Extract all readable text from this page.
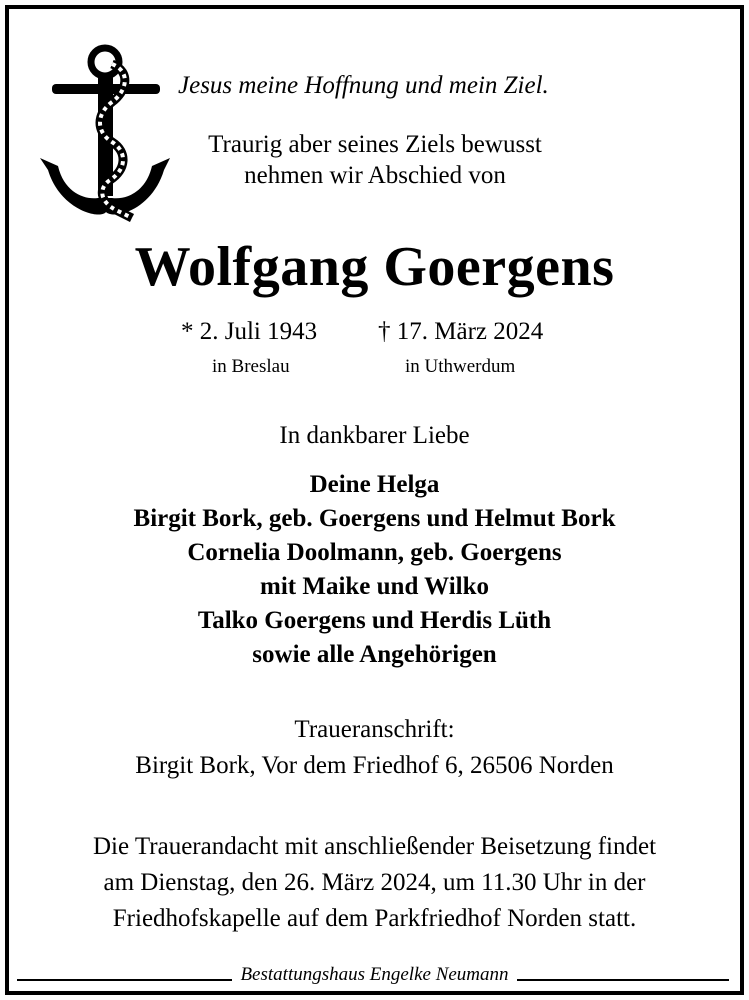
Jesus meine Hoffnung und mein Ziel.
Traurig aber seines Ziels bewusst
nehmen wir Abschied von
Wolfgang Goergens
* 2. Juli 1943 † 17. März 2024
in Breslau	in Uthwerdum
In dankbarer Liebe
Deine Helga
Birgit Bork, geb. Goergens und Helmut Bork
Cornelia Doolmann, geb. Goergens
mit Maike und Wilko
Talko Goergens und Herdis Lüth
sowie alle Angehörigen
Traueranschrift:
Birgit Bork, Vor dem Friedhof 6, 26506 Norden
Die Trauerandacht mit anschließender Beisetzung findet
am Dienstag, den 26. März 2024, um 11.30 Uhr in der
Friedhofskapelle auf dem Parkfriedhof Norden statt.
Bestattungshaus Engelke Neumann
